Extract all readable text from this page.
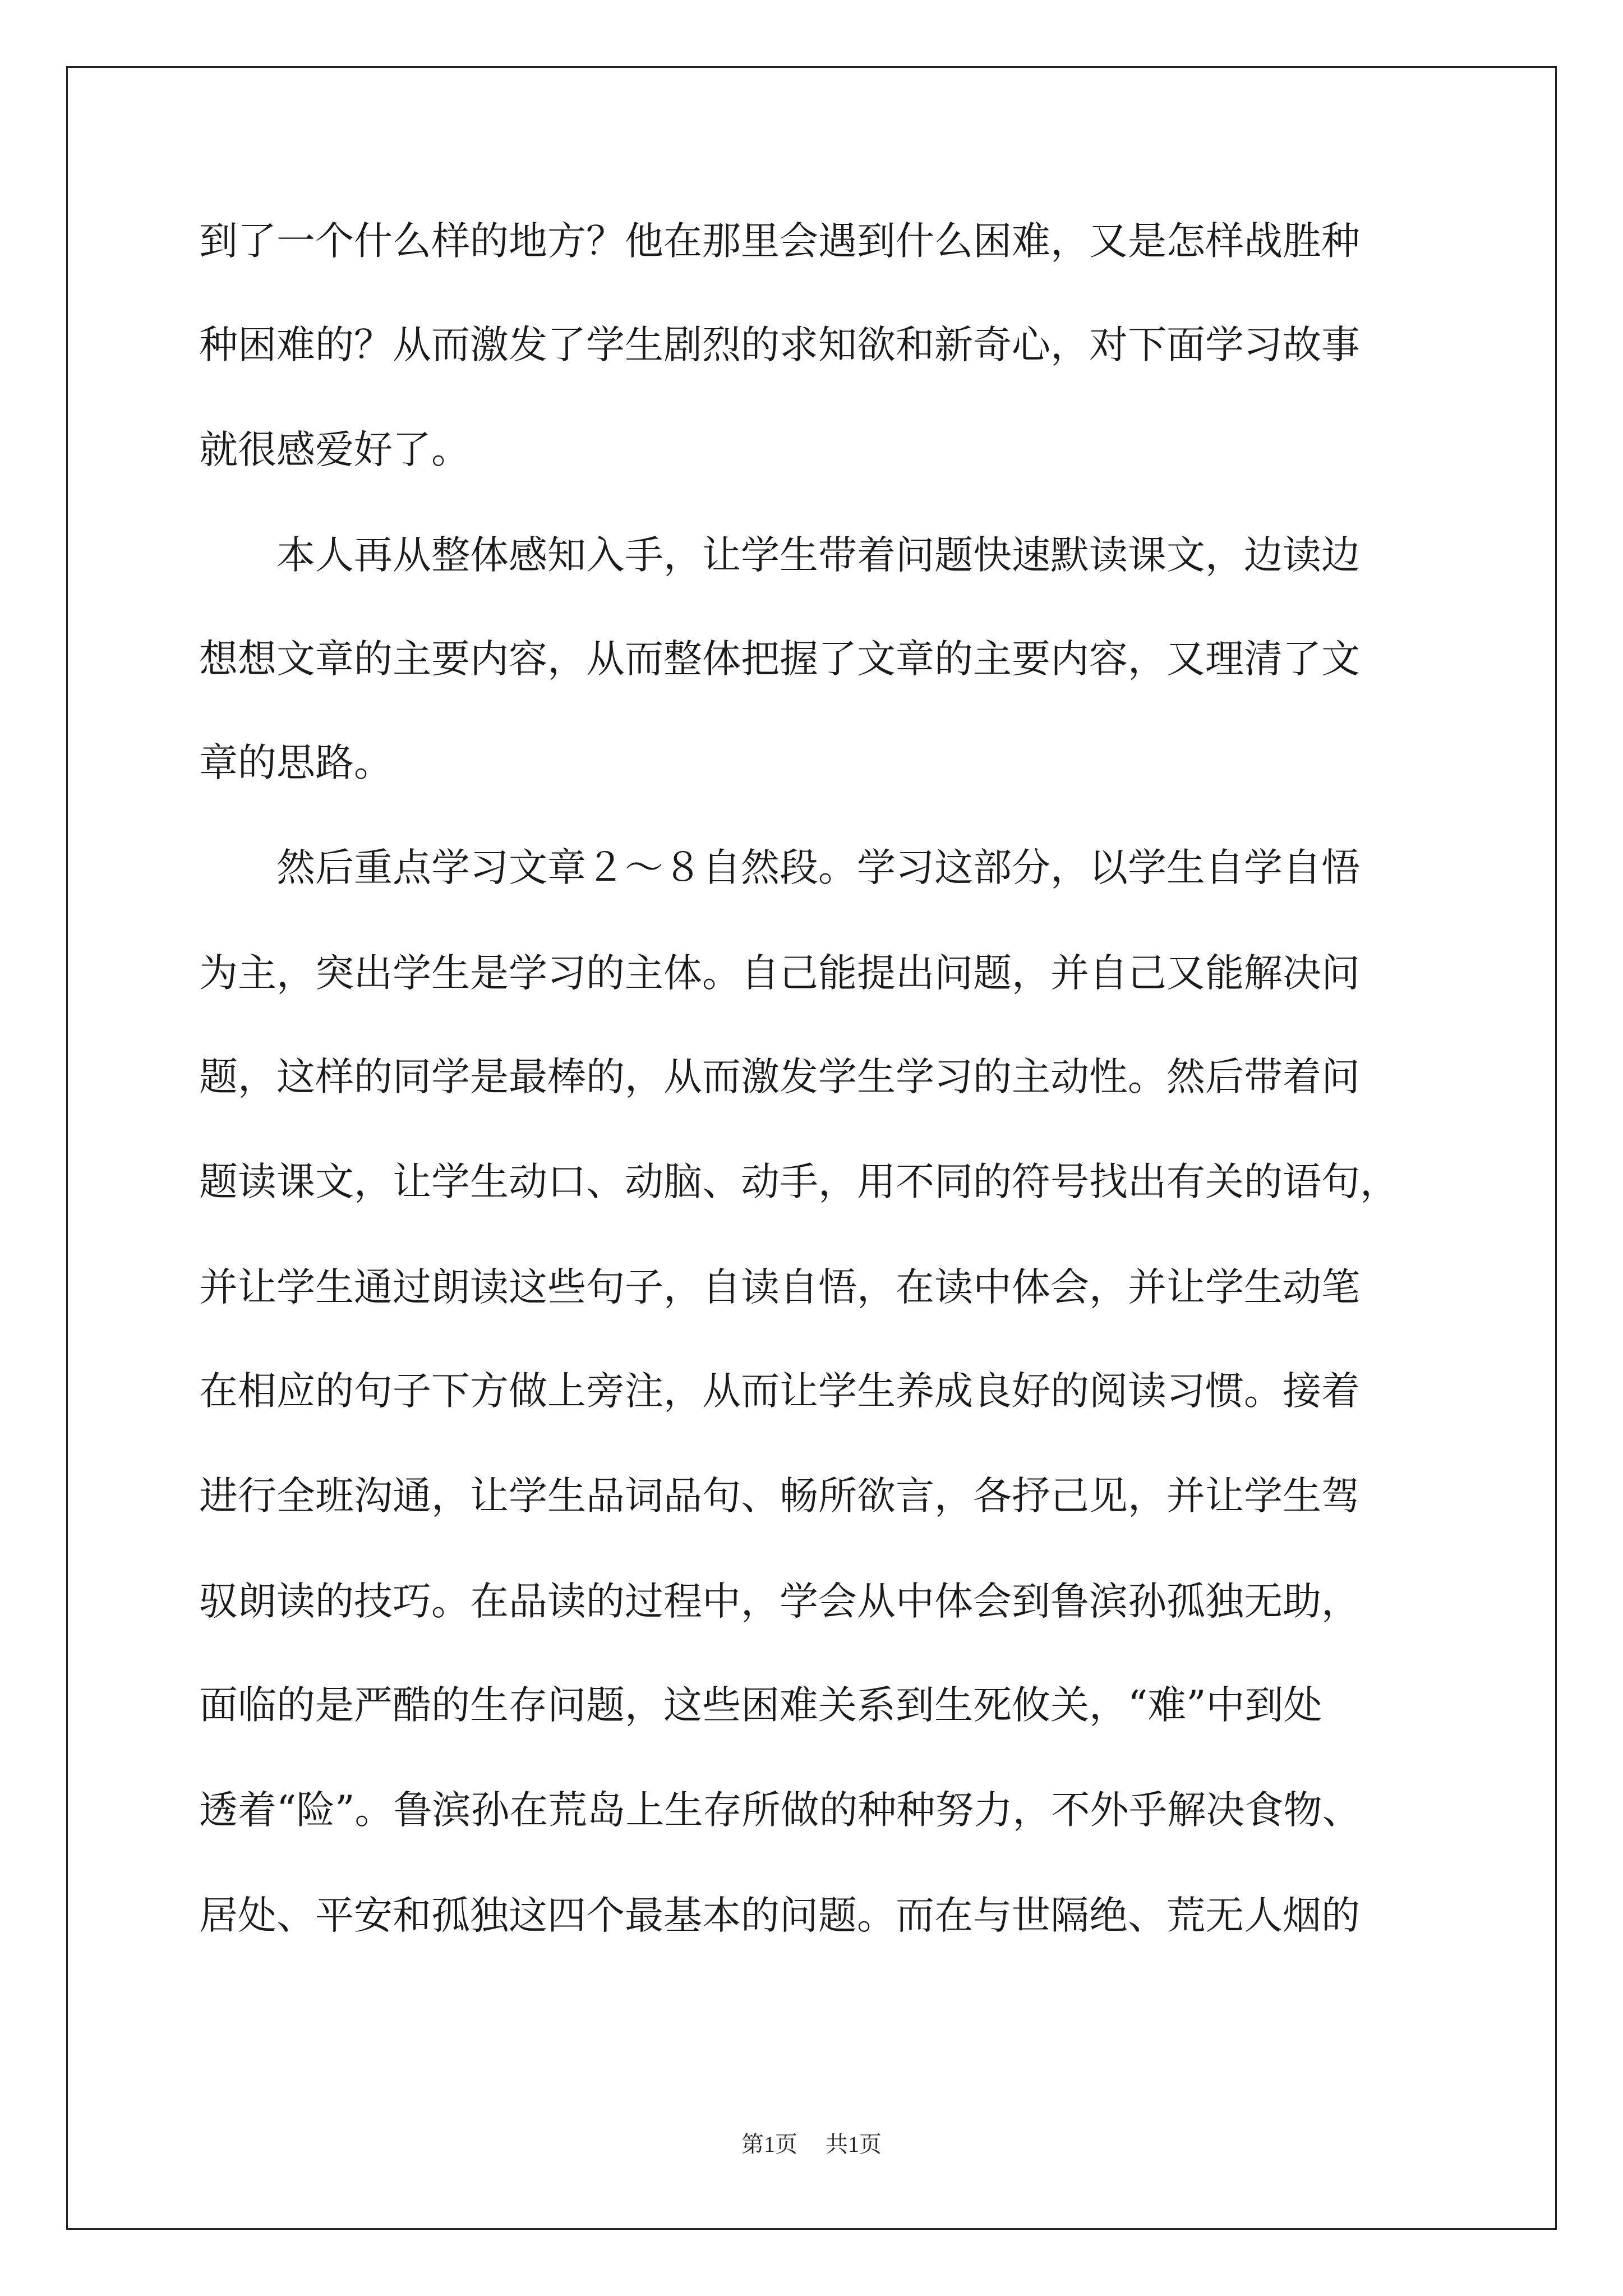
到了一个什么样的地方？他在那里会遇到什么困难，又是怎样战胜种
种困难的？从而激发了学生剧烈的求知欲和新奇心，对下面学习故事
就很感爱好了。
　　本人再从整体感知入手，让学生带着问题快速默读课文，边读边
想想文章的主要内容，从而整体把握了文章的主要内容，又理清了文
章的思路。
　　然后重点学习文章２～８自然段。学习这部分，以学生自学自悟
为主，突出学生是学习的主体。自己能提出问题，并自己又能解决问
题，这样的同学是最棒的，从而激发学生学习的主动性。然后带着问
题读课文，让学生动口、动脑、动手，用不同的符号找出有关的语句，
并让学生通过朗读这些句子，自读自悟，在读中体会，并让学生动笔
在相应的句子下方做上旁注，从而让学生养成良好的阅读习惯。接着
进行全班沟通，让学生品词品句、畅所欲言，各抒己见，并让学生驾
驭朗读的技巧。在品读的过程中，学会从中体会到鲁滨孙孤独无助，
面临的是严酷的生存问题，这些困难关系到生死攸关，“难”中到处
透着“险”。鲁滨孙在荒岛上生存所做的种种努力，不外乎解决食物、
居处、平安和孤独这四个最基本的问题。而在与世隔绝、荒无人烟的
第1页 共1页
